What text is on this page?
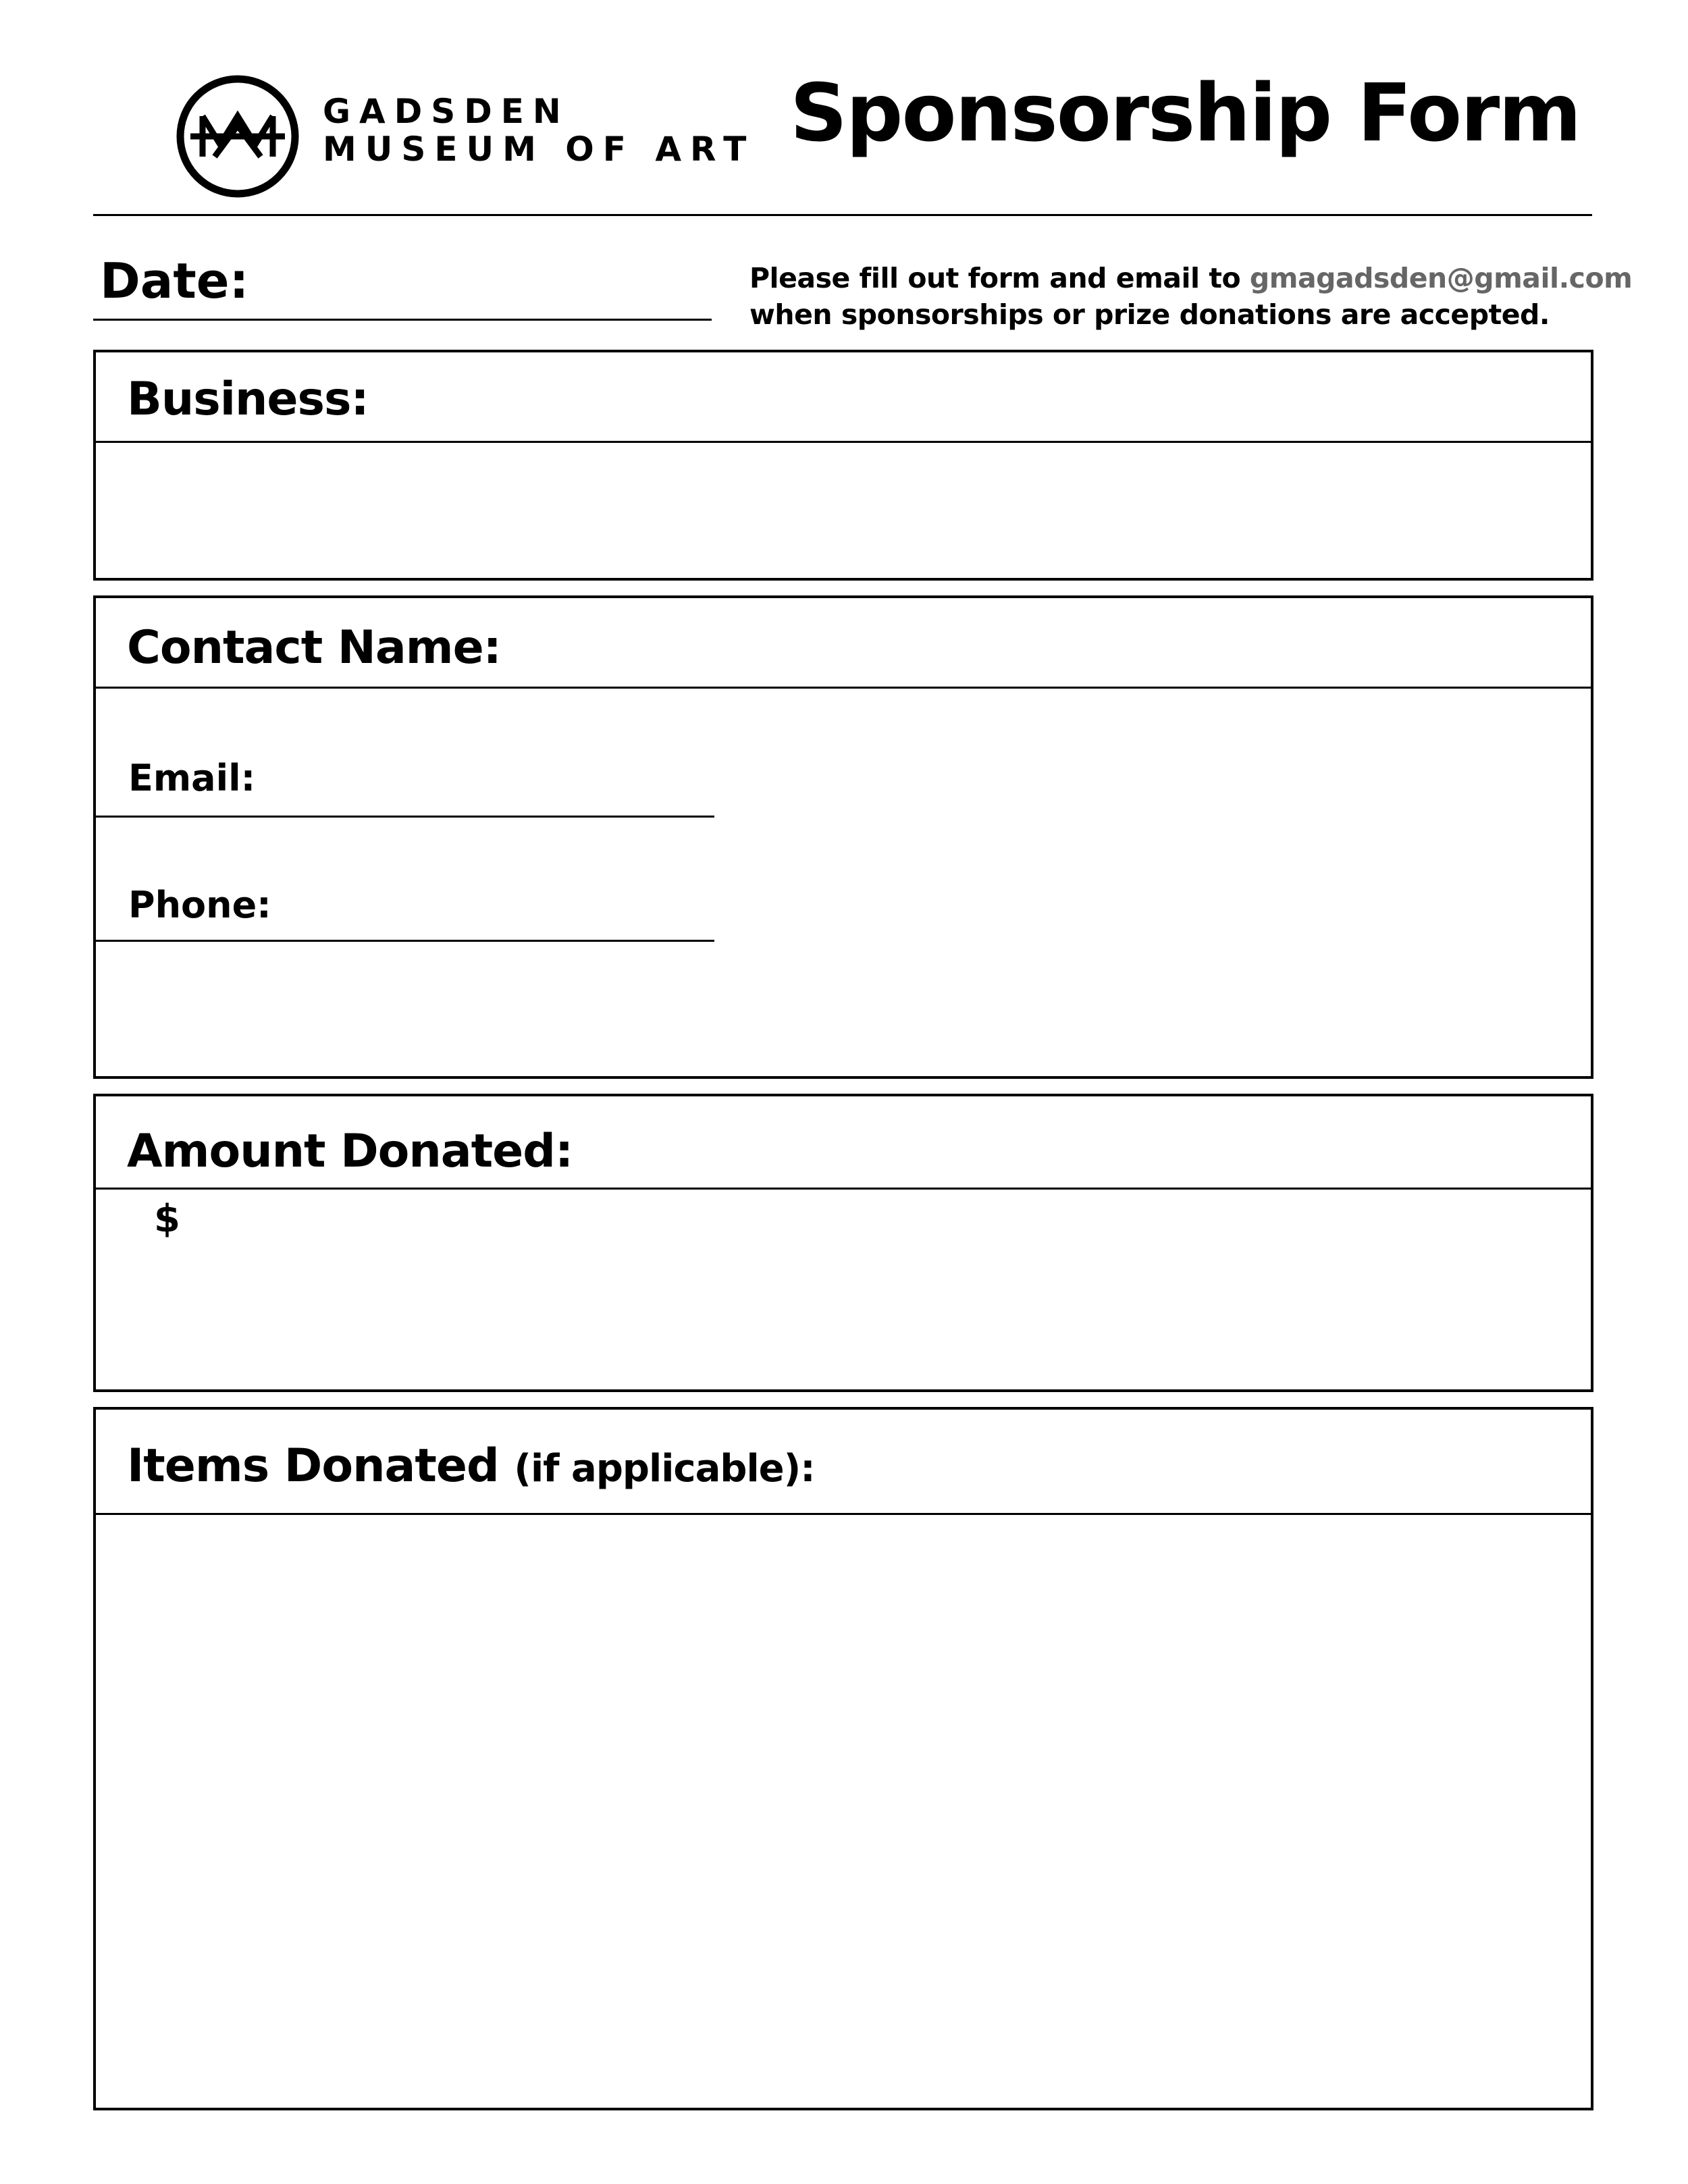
GADSDEN
MUSEUM OF ART Sponsorship Form
Date:	Please fill out form and email to gmagadsden@gmail.com
when sponsorships or prize donations are accepted.
Business:
Contact Name:
Email:
Phone:
Amount Donated:
$
Items Donated (if applicable):
